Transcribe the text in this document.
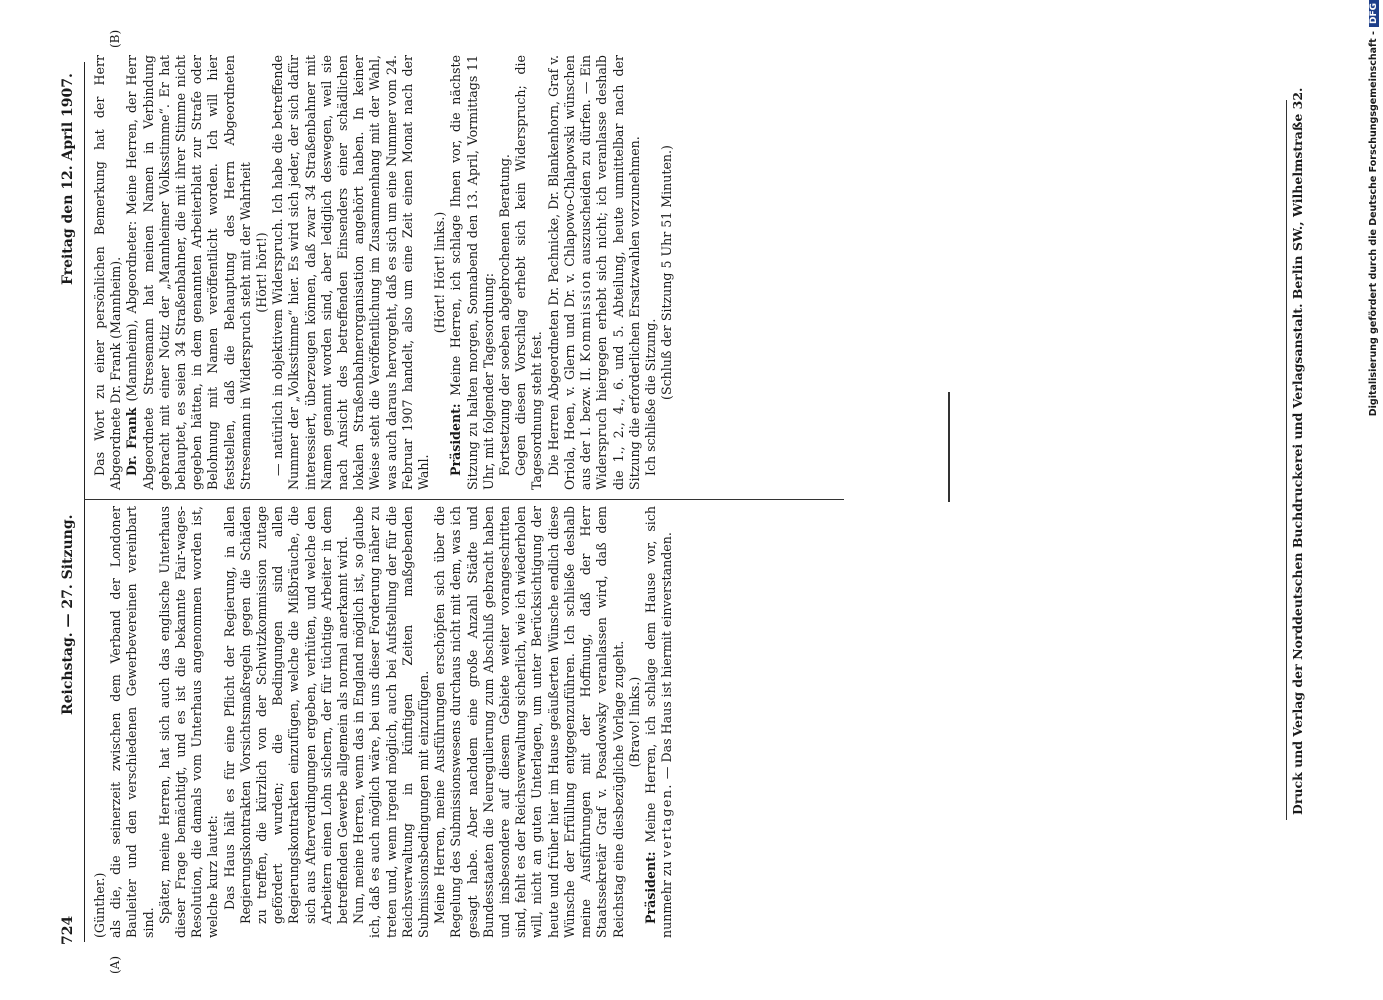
724
Reichstag. — 27. Sitzung.
Freitag den 12. April 1907.
(A)
(B)

(Günther.) als die, die seinerzeit zwischen dem Verband der Londoner Bauleiter und den verschiedenen Gewerbevereinen vereinbart sind. Später, meine Herren, hat sich auch das englische Unterhaus dieser Frage bemächtigt, und es ist die bekannte Fair-wages-Resolution, die damals vom Unterhaus angenommen worden ist, welche kurz lautet: Das Haus hält es für eine Pflicht der Regierung, in allen Regierungskontrakten Vorsichtsmaßregeln gegen die Schäden zu treffen, die kürzlich von der Schwitzkommission zutage gefördert wurden; die Bedingungen sind allen Regierungskontrakten einzufügen, welche die Mißbräuche, die sich aus Afterverdingungen ergeben, verhüten, und welche den Arbeitern einen Lohn sichern, der für tüchtige Arbeiter in dem betreffenden Gewerbe allgemein als normal anerkannt wird. Nun, meine Herren, wenn das in England möglich ist, so glaube ich, daß es auch möglich wäre, bei uns dieser Forderung näher zu treten und, wenn irgend möglich, auch bei Aufstellung der für die Reichsverwaltung in künftigen Zeiten maßgebenden Submissionsbedingungen mit einzufügen. Meine Herren, meine Ausführungen erschöpfen sich über die Regelung des Submissionswesens durchaus nicht mit dem, was ich gesagt habe. Aber nachdem eine große Anzahl Städte und Bundesstaaten die Neuregulierung zum Abschluß gebracht haben und insbesondere auf diesem Gebiete weiter vorangeschritten sind, fehlt es der Reichsverwaltung sicherlich, wie ich wiederholen will, nicht an guten Unterlagen, um unter Berücksichtigung der heute und früher hier im Hause geäußerten Wünsche endlich diese Wünsche der Erfüllung entgegenzuführen. Ich schließe deshalb meine Ausführungen mit der Hoffnung, daß der Herr Staatssekretär Graf v. Posadowsky veranlassen wird, daß dem Reichstag eine diesbezügliche Vorlage zugeht. (Bravo! links.)

Präsident: Meine Herren, ich schlage dem Hause vor, sich nunmehr zu vertagen. — Das Haus ist hiermit einverstanden.

Das Wort zu einer persönlichen Bemerkung hat der Herr Abgeordnete Dr. Frank (Mannheim). Dr. Frank (Mannheim), Abgeordneter: Meine Herren, der Herr Abgeordnete Stresemann hat meinen Namen in Verbindung gebracht mit einer Notiz der „Mannheimer Volksstimme“. Er hat behauptet, es seien 34 Straßenbahner, die mit ihrer Stimme nicht gegeben hätten, in dem genannten Arbeiterblatt zur Strafe oder Belohnung mit Namen veröffentlicht worden. Ich will hier feststellen, daß die Behauptung des Herrn Abgeordneten Stresemann in Widerspruch steht mit der Wahrheit (Hört! hört!) — natürlich in objektivem Widerspruch. Ich habe die betreffende Nummer der „Volksstimme“ hier. Es wird sich jeder, der sich dafür interessiert, überzeugen können, daß zwar 34 Straßenbahner mit Namen genannt worden sind, aber lediglich deswegen, weil sie nach Ansicht des betreffenden Einsenders einer schädlichen lokalen Straßenbahnerorganisation angehört haben. In keiner Weise steht die Veröffentlichung im Zusammenhang mit der Wahl, was auch daraus hervorgeht, daß es sich um eine Nummer vom 24. Februar 1907 handelt, also um eine Zeit einen Monat nach der Wahl.

(Hört! Hört! links.)

Präsident: Meine Herren, ich schlage Ihnen vor, die nächste Sitzung zu halten morgen, Sonnabend den 13. April, Vormittags 11 Uhr, mit folgender Tagesordnung: Fortsetzung der soeben abgebrochenen Beratung. Gegen diesen Vorschlag erhebt sich kein Widerspruch; die Tagesordnung steht fest. Die Herren Abgeordneten Dr. Pachnicke, Dr. Blankenhorn, Graf v. Oriola, Hoen, v. Glern und Dr. v. Chlapowo-Chlapowski wünschen aus der I. bezw. II. Kommission auszuscheiden zu dürfen. — Ein Widerspruch hiergegen erhebt sich nicht; ich veranlasse deshalb die 1., 2., 4., 6. und 5. Abteilung, heute unmittelbar nach der Sitzung die erforderlichen Ersatzwahlen vorzunehmen. Ich schließe die Sitzung. (Schluß der Sitzung 5 Uhr 51 Minuten.)	Druck und Verlag der Norddeutschen Buchdruckerei und Verlagsanstalt. Berlin SW., Wilhelmstraße 32.	Digitalisierung gefördert durch die Deutsche Forschungsgemeinschaft -DFG
